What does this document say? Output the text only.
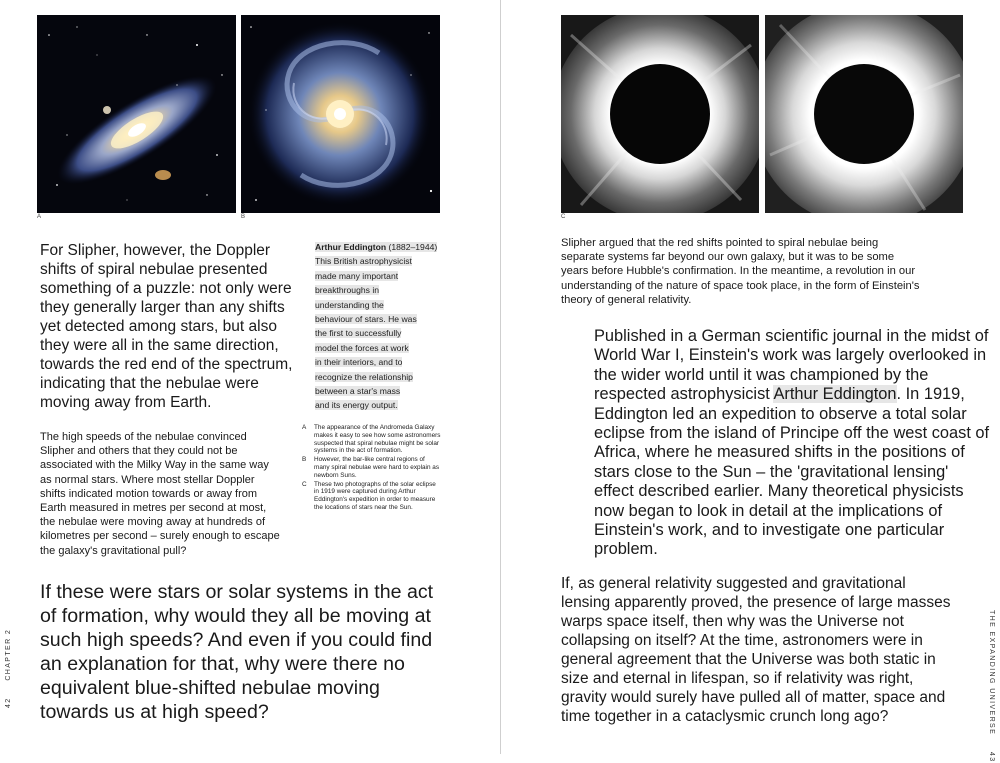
A	B

For Slipher, however, the Doppler shifts of spiral nebulae presented something of a puzzle: not only were they generally larger than any shifts yet detected among stars, but also they were all in the same direction, towards the red end of the spectrum, indicating that the nebulae were moving away from Earth.

The high speeds of the nebulae convinced Slipher and others that they could not be associated with the Milky Way in the same way as normal stars. Where most stellar Doppler shifts indicated motion towards or away from Earth measured in metres per second at most, the nebulae were moving away at hundreds of kilometres per second – surely enough to escape the galaxy's gravitational pull?

If these were stars or solar systems in the act of formation, why would they all be moving at such high speeds? And even if you could find an explanation for that, why were there no equivalent blue-shifted nebulae moving towards us at high speed?

Arthur Eddington (1882–1944)
This British astrophysicist
made many important
breakthroughs in
understanding the
behaviour of stars. He was
the first to successfully
model the forces at work
in their interiors, and to
recognize the relationship
between a star's mass
and its energy output.
A	The appearance of the Andromeda Galaxy makes it easy to see how some astronomers suspected that spiral nebulae might be solar systems in the act of formation.
B	However, the bar-like central regions of many spiral nebulae were hard to explain as newborn Suns.
C	These two photographs of the solar eclipse in 1919 were captured during Arthur Eddington's expedition in order to measure the locations of stars near the Sun.
42     CHAPTER 2
C

Slipher argued that the red shifts pointed to spiral nebulae being separate systems far beyond our own galaxy, but it was to be some years before Hubble's confirmation. In the meantime, a revolution in our understanding of the nature of space took place, in the form of Einstein's theory of general relativity.

Published in a German scientific journal in the midst of World War I, Einstein's work was largely overlooked in the wider world until it was championed by the respected astrophysicist Arthur Eddington. In 1919, Eddington led an expedition to observe a total solar eclipse from the island of Principe off the west coast of Africa, where he measured shifts in the positions of stars close to the Sun – the 'gravitational lensing' effect described earlier. Many theoretical physicists now began to look in detail at the implications of Einstein's work, and to investigate one particular problem.

If, as general relativity suggested and gravitational lensing apparently proved, the presence of large masses warps space itself, then why was the Universe not collapsing on itself? At the time, astronomers were in general agreement that the Universe was both static in size and eternal in lifespan, so if relativity was right, gravity would surely have pulled all of matter, space and time together in a cataclysmic crunch long ago?	THE EXPANDING UNIVERSE     43
